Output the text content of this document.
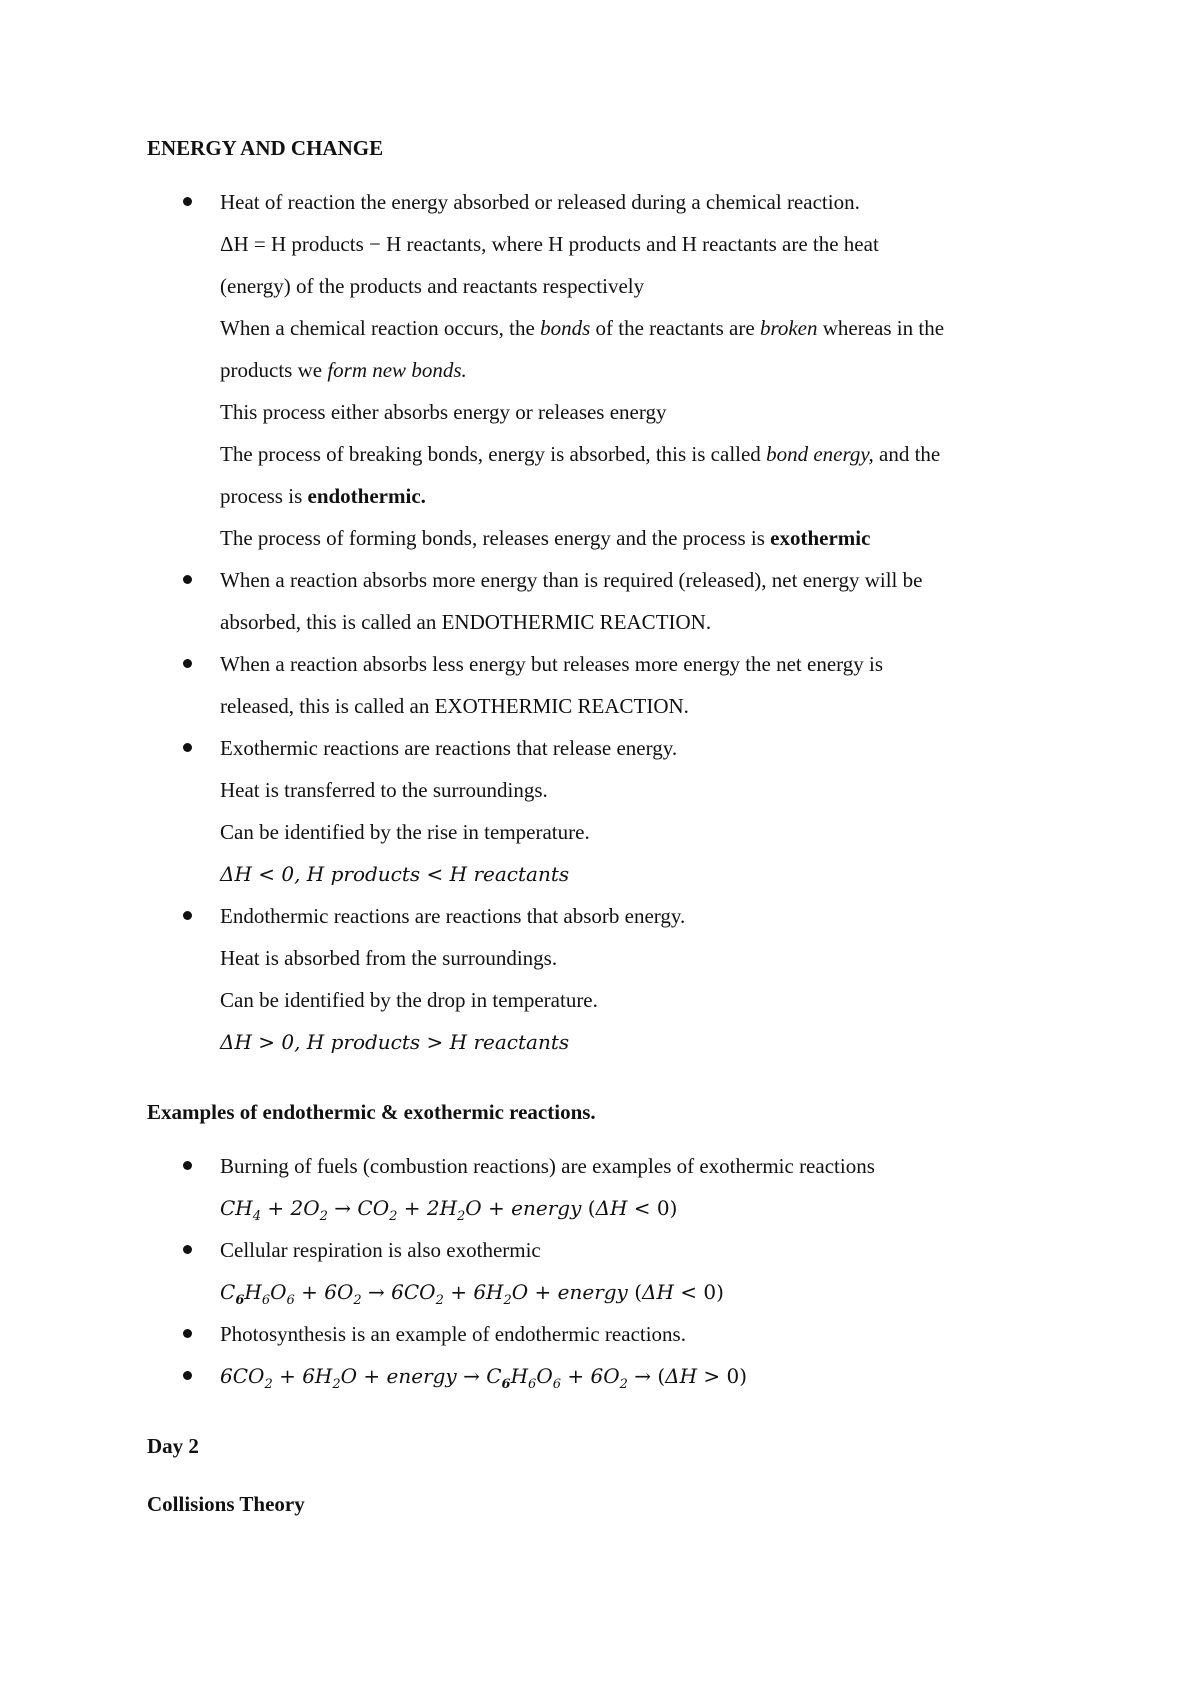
ENERGY AND CHANGE
Heat of reaction the energy absorbed or released during a chemical reaction.
ΔH = H products − H reactants, where H products and H reactants are the heat
(energy) of the products and reactants respectively
When a chemical reaction occurs, the bonds of the reactants are broken whereas in the
products we form new bonds.
This process either absorbs energy or releases energy
The process of breaking bonds, energy is absorbed, this is called bond energy, and the
process is endothermic.
The process of forming bonds, releases energy and the process is exothermic
When a reaction absorbs more energy than is required (released), net energy will be
absorbed, this is called an ENDOTHERMIC REACTION.
When a reaction absorbs less energy but releases more energy the net energy is
released, this is called an EXOTHERMIC REACTION.
Exothermic reactions are reactions that release energy.
Heat is transferred to the surroundings.
Can be identified by the rise in temperature.
ΔH < 0, H products < H reactants
Endothermic reactions are reactions that absorb energy.
Heat is absorbed from the surroundings.
Can be identified by the drop in temperature.
ΔH > 0, H products > H reactants
Examples of endothermic & exothermic reactions.
Burning of fuels (combustion reactions) are examples of exothermic reactions
$CH_4 + 2O_2 \to CO_2 + 2H_2O$ + energy (ΔH < 0)
Cellular respiration is also exothermic
$C_6H_6O_6 + 6O_2 \to 6CO_2 + 6H_2O$ + energy (ΔH < 0)
Photosynthesis is an example of endothermic reactions.
$6CO_2 + 6H_2O$ + energy → $C_6H_6O_6 + 6O_2 \to (\Delta H > 0)$
Day 2
Collisions Theory
